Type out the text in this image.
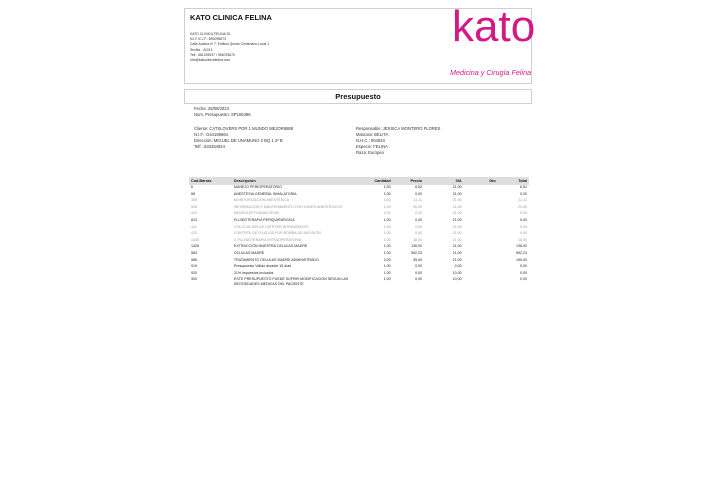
KATO CLINICA FELINA
KATO CLINICA FELINA SL
N.I.F./C.I.F.: B90095673
Calle Austria nº 7, Edificio Quinto Centenario Local 1
Sevilla - 41013
Telf.: 681294937 / 954093670
info@katoclinicafelina.com
kato
Medicina y Cirugía Felina
Presupuesto
Fecha: 29/08/2023
Num. Presupuesto: SP106386
Cliente: CATSLOVERS POR 1 MUNDO MEJOR8888
N.I.F.: G44159664
Dirección: MIGUEL DE UNAMUNO 2 BQ 1 2º B
Telf.: 633454924
Responsable: JESSICA MONTERO FLORES
Mascota: BELITA
N.H.C.: 004824
Especie: FELINA
Raza: Europeo
Cod.Barras	Descripción	Cantidad	Precio	IVA	Dto	Total
6	MANEJO PERIOPERATORIO	1,00	6,52	21,00		6,52
58	ANESTESIA GENERAL INHALATORIA	1,00	0,00	21,00		0,00
308	MONITORIZACIÓN ANESTÉSICA	1,00	11,11	21,00		11,11
905	INFORMACIÓN Y MANTENIMIENTO CON GASES ANESTÉSICOS	1,00	20,00	21,00		20,00
410	NEUROLEPTOANALGESIA	1,00	0,00	21,00		0,00
813	FLUIDOTERAPIA PERIQUIRÚRGICA	1,00	0,00	21,00		0,00
411	COLOCACIÓN DE CATÉTER INTRAVENOSO	1,00	0,00	21,00		0,00
412	CONTROL DE FLUIDOS POR BOMBA DE INFUSIÓN	1,00	0,00	21,00		0,00
1346	3. FLUIDOTERAPIA INTRAOPERATORIA	1,00	18,00	21,00		18,00
1328	EXTRACCIÓN MUESTRA CELULAS MADRE	1,00	136,92	21,00		136,92
584	CELULAS MADRE	1,00	592,23	21,00		592,23
586	TRATAMIENTO CELULAS MADRE ADMINISTRADO	2,00	95,00	21,00		190,00
919	Presupuesto Válido durante 15 días	1,00	0,00	0,00		0,00
920	21% impuestos incluidos	1,00	0,00	10,00		0,00
300	ESTE PRESUPUESTO PUEDE SUFRIR MODIFICACION SEGUN LAS NECESIDADES MEDICAS DEL PACIENTE	1,00	0,00	10,00		0,00
